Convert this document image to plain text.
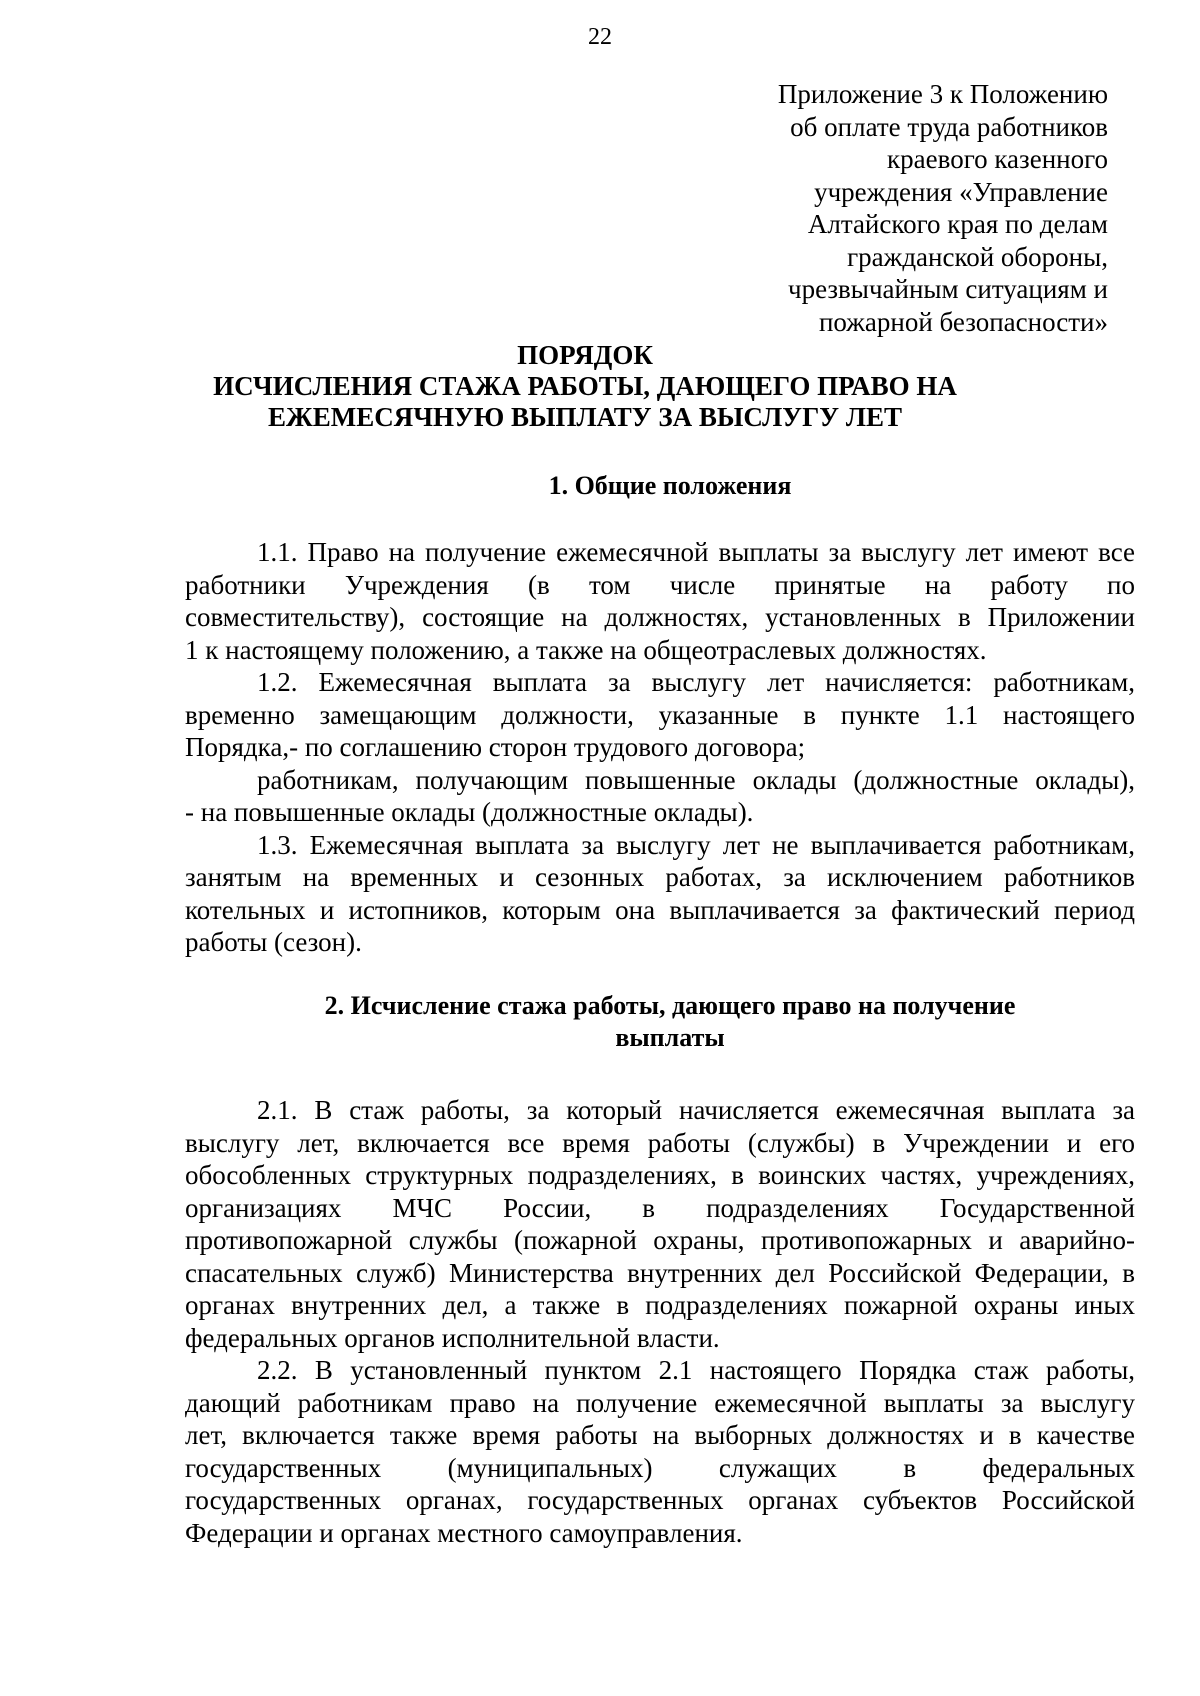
22
Приложение 3 к Положению
об оплате труда работников
краевого казенного
учреждения «Управление
Алтайского края по делам
гражданской обороны,
чрезвычайным ситуациям и
пожарной безопасности»
ПОРЯДОК
ИСЧИСЛЕНИЯ СТАЖА РАБОТЫ, ДАЮЩЕГО ПРАВО НА
ЕЖЕМЕСЯЧНУЮ ВЫПЛАТУ ЗА ВЫСЛУГУ ЛЕТ
1. Общие положения
1.1. Право на получение ежемесячной выплаты за выслугу лет имеют все
работники Учреждения (в том числе принятые на работу по
совместительству), состоящие на должностях, установленных в Приложении
1 к настоящему положению, а также на общеотраслевых должностях.
1.2. Ежемесячная выплата за выслугу лет начисляется: работникам,
временно замещающим должности, указанные в пункте 1.1 настоящего
Порядка,- по соглашению сторон трудового договора;
работникам, получающим повышенные оклады (должностные оклады),
- на повышенные оклады (должностные оклады).
1.3. Ежемесячная выплата за выслугу лет не выплачивается работникам,
занятым на временных и сезонных работах, за исключением работников
котельных и истопников, которым она выплачивается за фактический период
работы (сезон).
2. Исчисление стажа работы, дающего право на получение
выплаты
2.1. В стаж работы, за который начисляется ежемесячная выплата за
выслугу лет, включается все время работы (службы) в Учреждении и его
обособленных структурных подразделениях, в воинских частях, учреждениях,
организациях МЧС России, в подразделениях Государственной
противопожарной службы (пожарной охраны, противопожарных и аварийно-
спасательных служб) Министерства внутренних дел Российской Федерации, в
органах внутренних дел, а также в подразделениях пожарной охраны иных
федеральных органов исполнительной власти.
2.2. В установленный пунктом 2.1 настоящего Порядка стаж работы,
дающий работникам право на получение ежемесячной выплаты за выслугу
лет, включается также время работы на выборных должностях и в качестве
государственных (муниципальных) служащих в федеральных
государственных органах, государственных органах субъектов Российской
Федерации и органах местного самоуправления.
